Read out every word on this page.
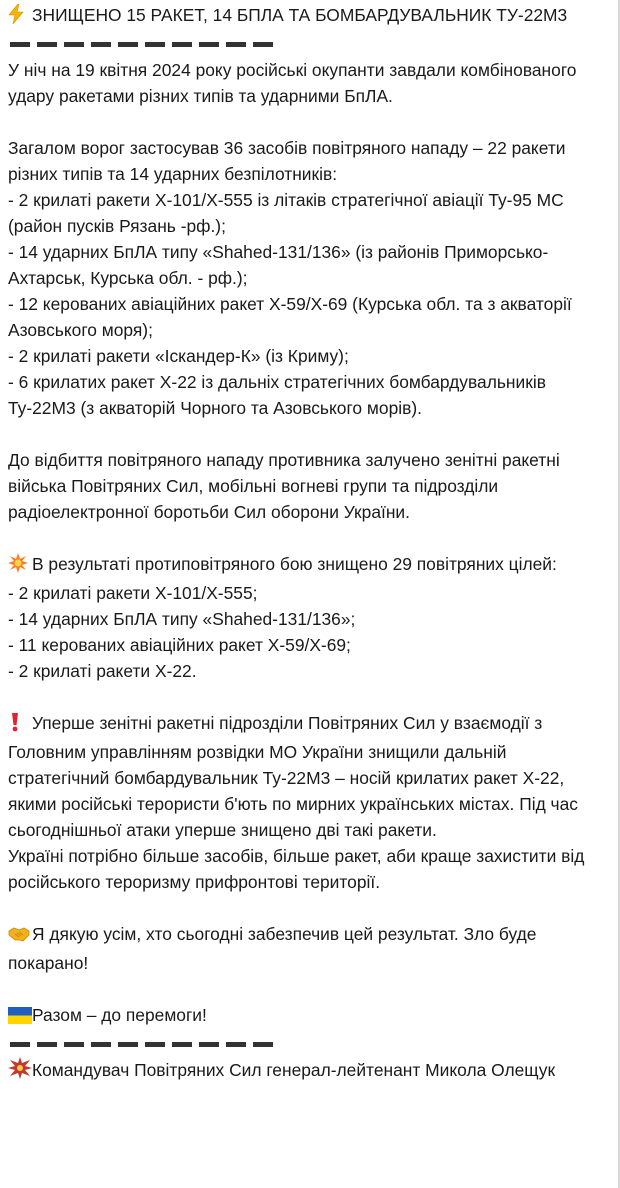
ЗНИЩЕНО 15 РАКЕТ, 14 БПЛА ТА БОМБАРДУВАЛЬНИК ТУ-22М3

У ніч на 19 квітня 2024 року російські окупанти завдали комбінованого удару ракетами різних типів та ударними БпЛА.

Загалом ворог застосував 36 засобів повітряного нападу – 22 ракети різних типів та 14 ударних безпілотників:

- 2 крилаті ракети Х-101/Х-555 із літаків стратегічної авіації Ту-95 МС (район пусків Рязань -рф.);

- 14 ударних БпЛА типу «Shahed-131/136» (із районів Приморсько-Ахтарськ, Курська обл. - рф.);

- 12 керованих авіаційних ракет Х-59/Х-69 (Курська обл. та з акваторії Азовського моря);

- 2 крилаті ракети «Іскандер-К» (із Криму);

- 6 крилатих ракет Х-22 із дальніх стратегічних бомбардувальників Ту-22М3 (з акваторій Чорного та Азовського морів).

До відбиття повітряного нападу противника залучено зенітні ракетні війська Повітряних Сил, мобільні вогневі групи та підрозділи радіоелектронної боротьби Сил оборони України.

В результаті протиповітряного бою знищено 29 повітряних цілей:

- 2 крилаті ракети Х-101/Х-555;

- 14 ударних БпЛА типу «Shahed-131/136»;

- 11 керованих авіаційних ракет Х-59/Х-69;

- 2 крилаті ракети Х-22.

Уперше зенітні ракетні підрозділи Повітряних Сил у взаємодії з Головним управлінням розвідки МО України знищили дальній стратегічний бомбардувальник Ту-22М3 – носій крилатих ракет Х-22, якими російські терористи б'ють по мирних українських містах. Під час сьогоднішньої атаки уперше знищено дві такі ракети.

Україні потрібно більше засобів, більше ракет, аби краще захистити від російського тероризму прифронтові території.

Я дякую усім, хто сьогодні забезпечив цей результат. Зло буде покарано!

Разом – до перемоги!

Командувач Повітряних Сил генерал-лейтенант Микола Олещук
